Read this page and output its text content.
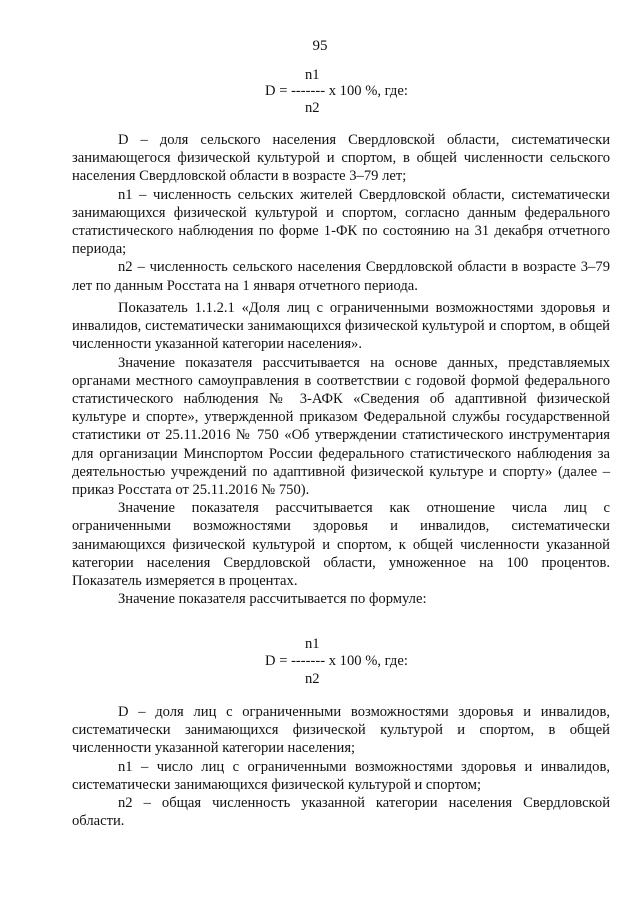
95
n1
D = ------- x 100 %, где:
n2

D – доля сельского населения Свердловской области, систематически занимающегося физической культурой и спортом, в общей численности сельского населения Свердловской области в возрасте 3–79 лет;

n1 – численность сельских жителей Свердловской области, систематически занимающихся физической культурой и спортом, согласно данным федерального статистического наблюдения по форме 1-ФК по состоянию на 31 декабря отчетного периода;

n2 – численность сельского населения Свердловской области в возрасте 3–79 лет по данным Росстата на 1 января отчетного периода.

Показатель 1.1.2.1 «Доля лиц с ограниченными возможностями здоровья и инвалидов, систематически занимающихся физической культурой и спортом, в общей численности указанной категории населения».

Значение показателя рассчитывается на основе данных, представляемых органами местного самоуправления в соответствии с годовой формой федерального статистического наблюдения № 3-АФК «Сведения об адаптивной физической культуре и спорте», утвержденной приказом Федеральной службы государственной статистики от 25.11.2016 № 750 «Об утверждении статистического инструментария для организации Минспортом России федерального статистического наблюдения за деятельностью учреждений по адаптивной физической культуре и спорту» (далее – приказ Росстата от 25.11.2016 № 750).

Значение показателя рассчитывается как отношение числа лиц с ограниченными возможностями здоровья и инвалидов, систематически занимающихся физической культурой и спортом, к общей численности указанной категории населения Свердловской области, умноженное на 100 процентов. Показатель измеряется в процентах.

Значение показателя рассчитывается по формуле:

n1
D = ------- x 100 %, где:
n2

D – доля лиц с ограниченными возможностями здоровья и инвалидов, систематически занимающихся физической культурой и спортом, в общей численности указанной категории населения;

n1 – число лиц с ограниченными возможностями здоровья и инвалидов, систематически занимающихся физической культурой и спортом;

n2 – общая численность указанной категории населения Свердловской области.
